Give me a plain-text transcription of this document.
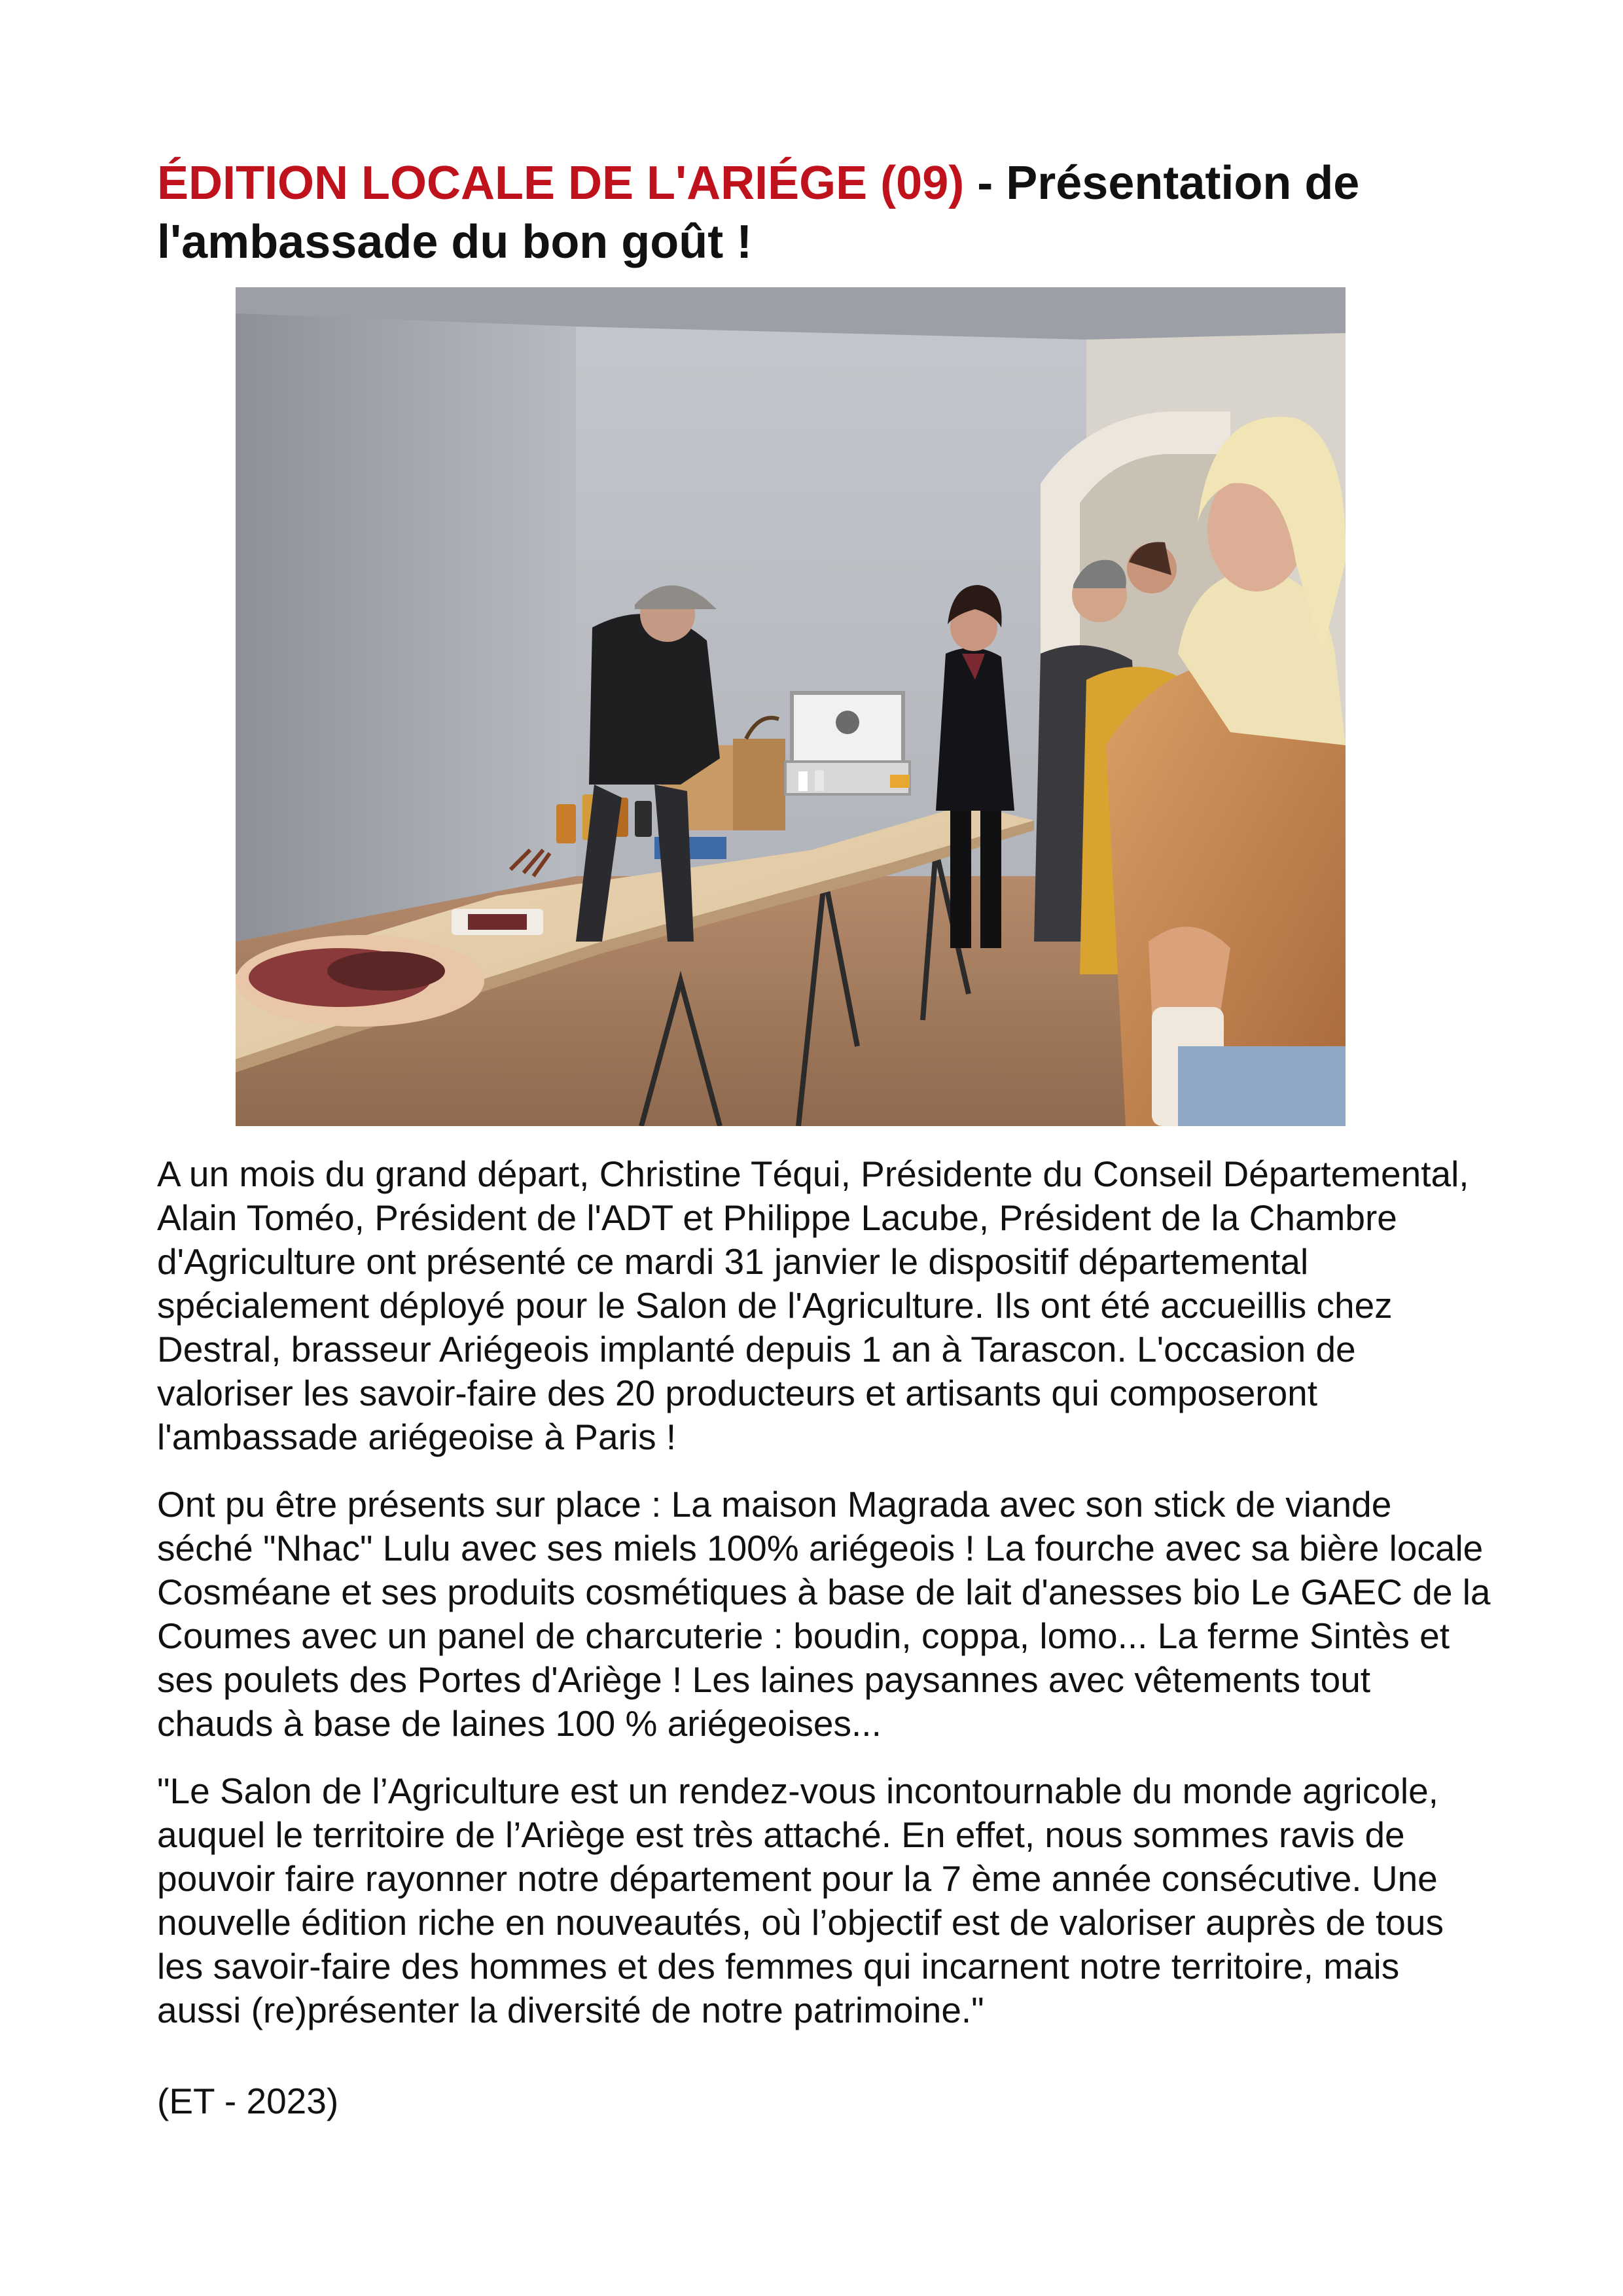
ÉDITION LOCALE DE L'ARIÉGE (09) - Présentation de l'ambassade du bon goût !

A un mois du grand départ, Christine Téqui, Présidente du Conseil Départemental, Alain Toméo, Président de l'ADT et Philippe Lacube, Président de la Chambre d'Agriculture ont présenté ce mardi 31 janvier le dispositif départemental spécialement déployé pour le Salon de l'Agriculture. Ils ont été accueillis chez Destral, brasseur Ariégeois implanté depuis 1 an à Tarascon. L'occasion de valoriser les savoir-faire des 20 producteurs et artisants qui composeront l'ambassade ariégeoise à Paris !

Ont pu être présents sur place : La maison Magrada avec son stick de viande séché "Nhac" Lulu avec ses miels 100% ariégeois ! La fourche avec sa bière locale Cosméane et ses produits cosmétiques à base de lait d'anesses bio Le GAEC de la Coumes avec un panel de charcuterie : boudin, coppa, lomo... La ferme Sintès et ses poulets des Portes d'Ariège ! Les laines paysannes avec vêtements tout chauds à base de laines 100 % ariégeoises...

"Le Salon de l’Agriculture est un rendez-vous incontournable du monde agricole, auquel le territoire de l’Ariège est très attaché. En effet, nous sommes ravis de pouvoir faire rayonner notre département pour la 7 ème année consécutive. Une nouvelle édition riche en nouveautés, où l’objectif est de valoriser auprès de tous les savoir-faire des hommes et des femmes qui incarnent notre territoire, mais aussi (re)présenter la diversité de notre patrimoine."

(ET - 2023)
